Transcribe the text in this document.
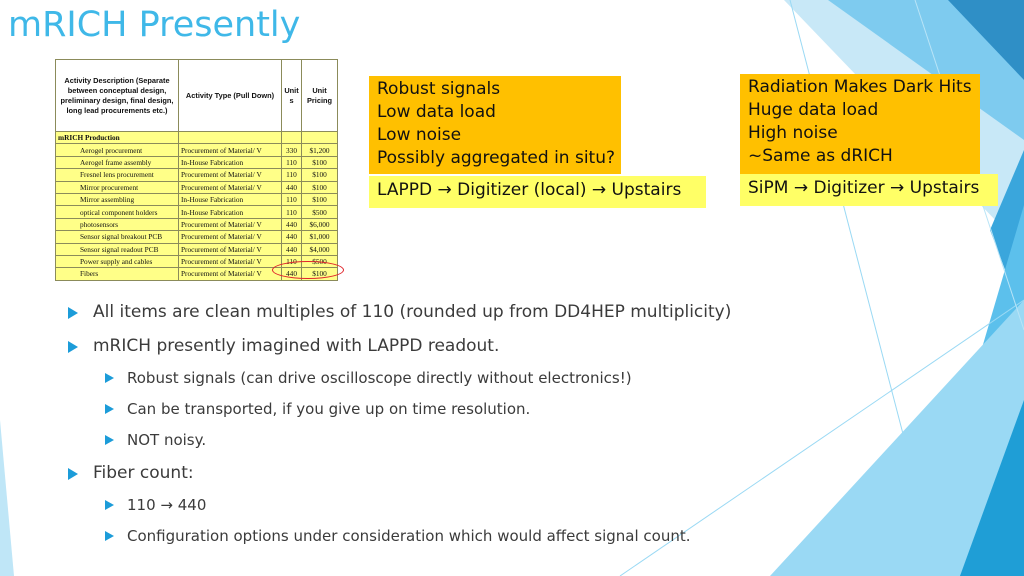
mRICH Presently
Activity Description (Separate between conceptual design, preliminary design, final design, long lead procurements etc.)	Activity Type (Pull Down)	Unit s	Unit Pricing
mRICH Production			
Aerogel procurement	Procurement of Material/ V	330	$1,200
Aerogel frame assembly	In-House Fabrication	110	$100
Fresnel lens procurement	Procurement of Material/ V	110	$100
Mirror procurement	Procurement of Material/ V	440	$100
Mirror assembling	In-House Fabrication	110	$100
optical component holders	In-House Fabrication	110	$500
photosensors	Procurement of Material/ V	440	$6,000
Sensor signal breakout PCB	Procurement of Material/ V	440	$1,000
Sensor signal readout PCB	Procurement of Material/ V	440	$4,000
Power supply and cables	Procurement of Material/ V	110	$500
Fibers	Procurement of Material/ V	440	$100
Robust signals
Low data load
Low noise
Possibly aggregated in situ?
LAPPD → Digitizer (local) → Upstairs
Radiation Makes Dark Hits
Huge data load
High noise
~Same as dRICH
SiPM → Digitizer → Upstairs
All items are clean multiples of 110 (rounded up from DD4HEP multiplicity)
mRICH presently imagined with LAPPD readout.
Robust signals (can drive oscilloscope directly without electronics!)
Can be transported, if you give up on time resolution.
NOT noisy.
Fiber count:
110 → 440
Configuration options under consideration which would affect signal count.
